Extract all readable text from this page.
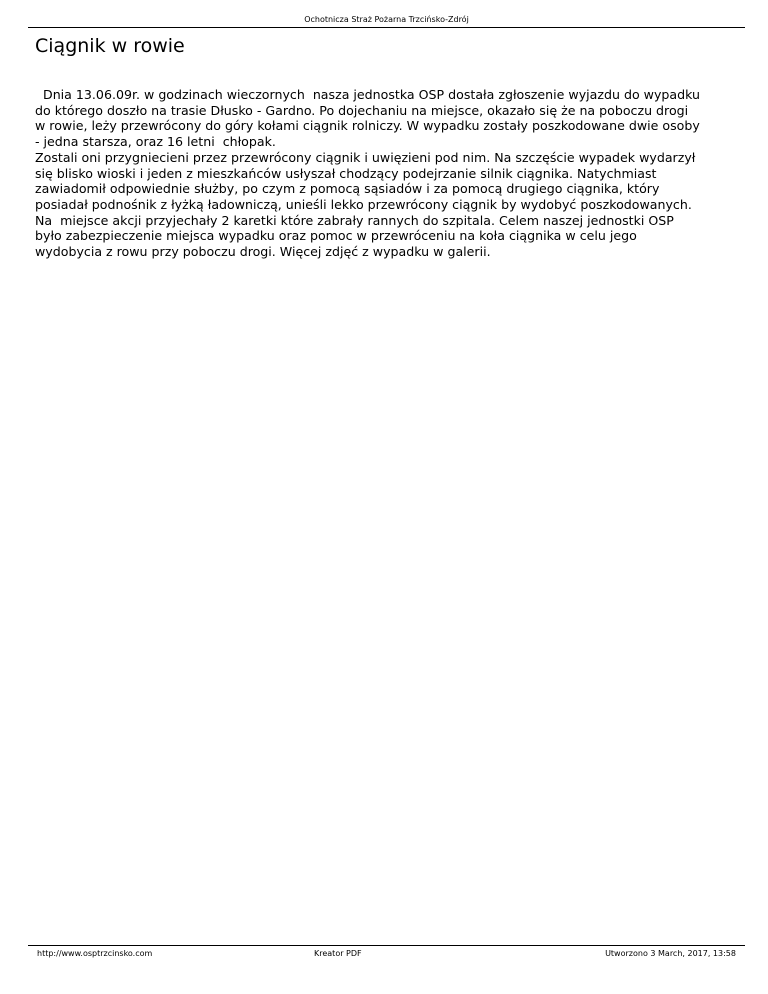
Ochotnicza Straż Pożarna Trzcińsko-Zdrój
Ciągnik w rowie

Dnia 13.06.09r. w godzinach wieczornych  nasza jednostka OSP dostała zgłoszenie wyjazdu do wypadku

do którego doszło na trasie Dłusko - Gardno. Po dojechaniu na miejsce, okazało się że na poboczu drogi

w rowie, leży przewrócony do góry kołami ciągnik rolniczy. W wypadku zostały poszkodowane dwie osoby

- jedna starsza, oraz 16 letni  chłopak.

Zostali oni przygniecieni przez przewrócony ciągnik i uwięzieni pod nim. Na szczęście wypadek wydarzył

się blisko wioski i jeden z mieszkańców usłyszał chodzący podejrzanie silnik ciągnika. Natychmiast

zawiadomił odpowiednie służby, po czym z pomocą sąsiadów i za pomocą drugiego ciągnika, który

posiadał podnośnik z łyżką ładowniczą, unieśli lekko przewrócony ciągnik by wydobyć poszkodowanych.

Na  miejsce akcji przyjechały 2 karetki które zabrały rannych do szpitala. Celem naszej jednostki OSP

było zabezpieczenie miejsca wypadku oraz pomoc w przewróceniu na koła ciągnika w celu jego

wydobycia z rowu przy poboczu drogi. Więcej zdjęć z wypadku w galerii.

http://www.osptrzcinsko.com	Kreator PDF	Utworzono 3 March, 2017, 13:58
